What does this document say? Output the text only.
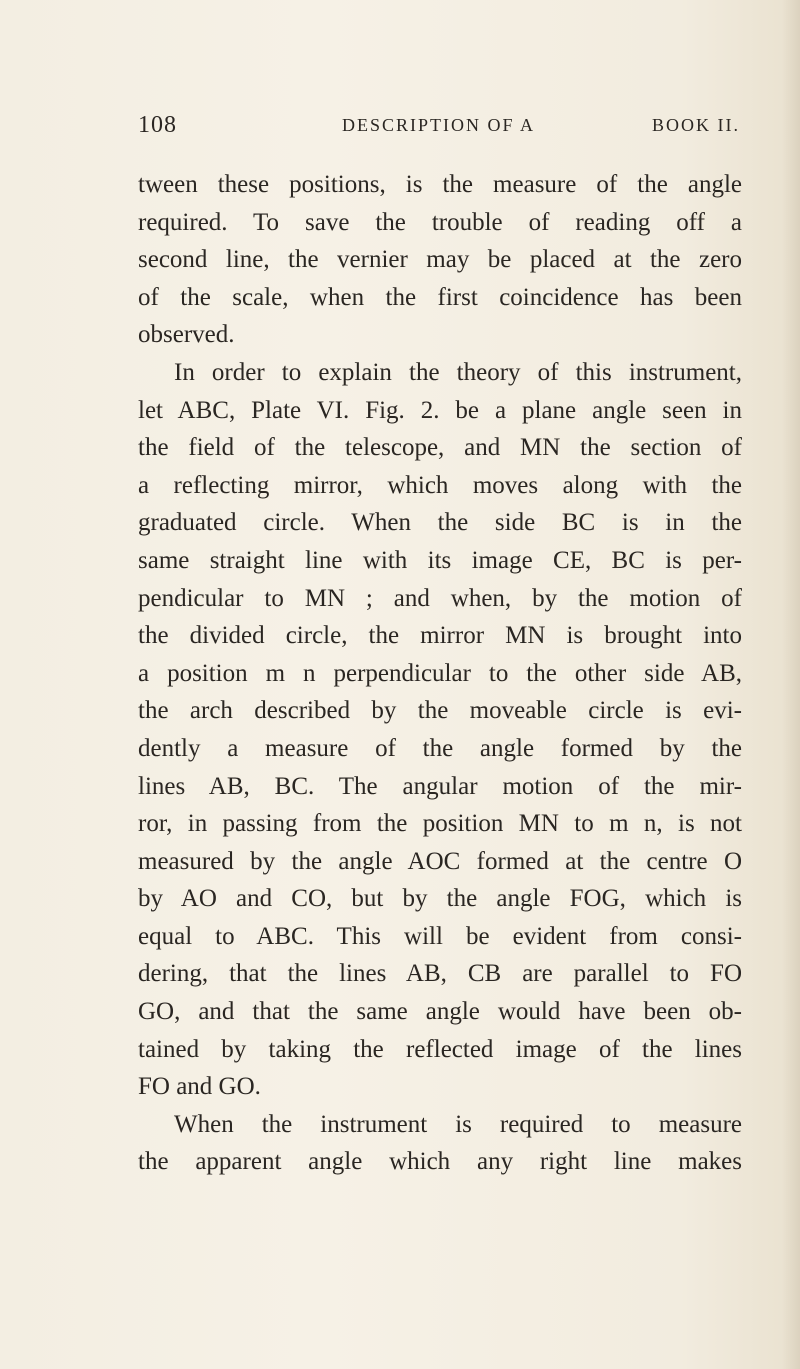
108	DESCRIPTION OF A	BOOK II.
tween these positions, is the measure of the angle
required. To save the trouble of reading off a
second line, the vernier may be placed at the zero
of the scale, when the first coincidence has been
observed.
In order to explain the theory of this instrument,
let ABC, Plate VI. Fig. 2. be a plane angle seen in
the field of the telescope, and MN the section of
a reflecting mirror, which moves along with the
graduated circle. When the side BC is in the
same straight line with its image CE, BC is per-
pendicular to MN ; and when, by the motion of
the divided circle, the mirror MN is brought into
a position m n perpendicular to the other side AB,
the arch described by the moveable circle is evi-
dently a measure of the angle formed by the
lines AB, BC. The angular motion of the mir-
ror, in passing from the position MN to m n, is not
measured by the angle AOC formed at the centre O
by AO and CO, but by the angle FOG, which is
equal to ABC. This will be evident from consi-
dering, that the lines AB, CB are parallel to FO
GO, and that the same angle would have been ob-
tained by taking the reflected image of the lines
FO and GO.
When the instrument is required to measure
the apparent angle which any right line makes
